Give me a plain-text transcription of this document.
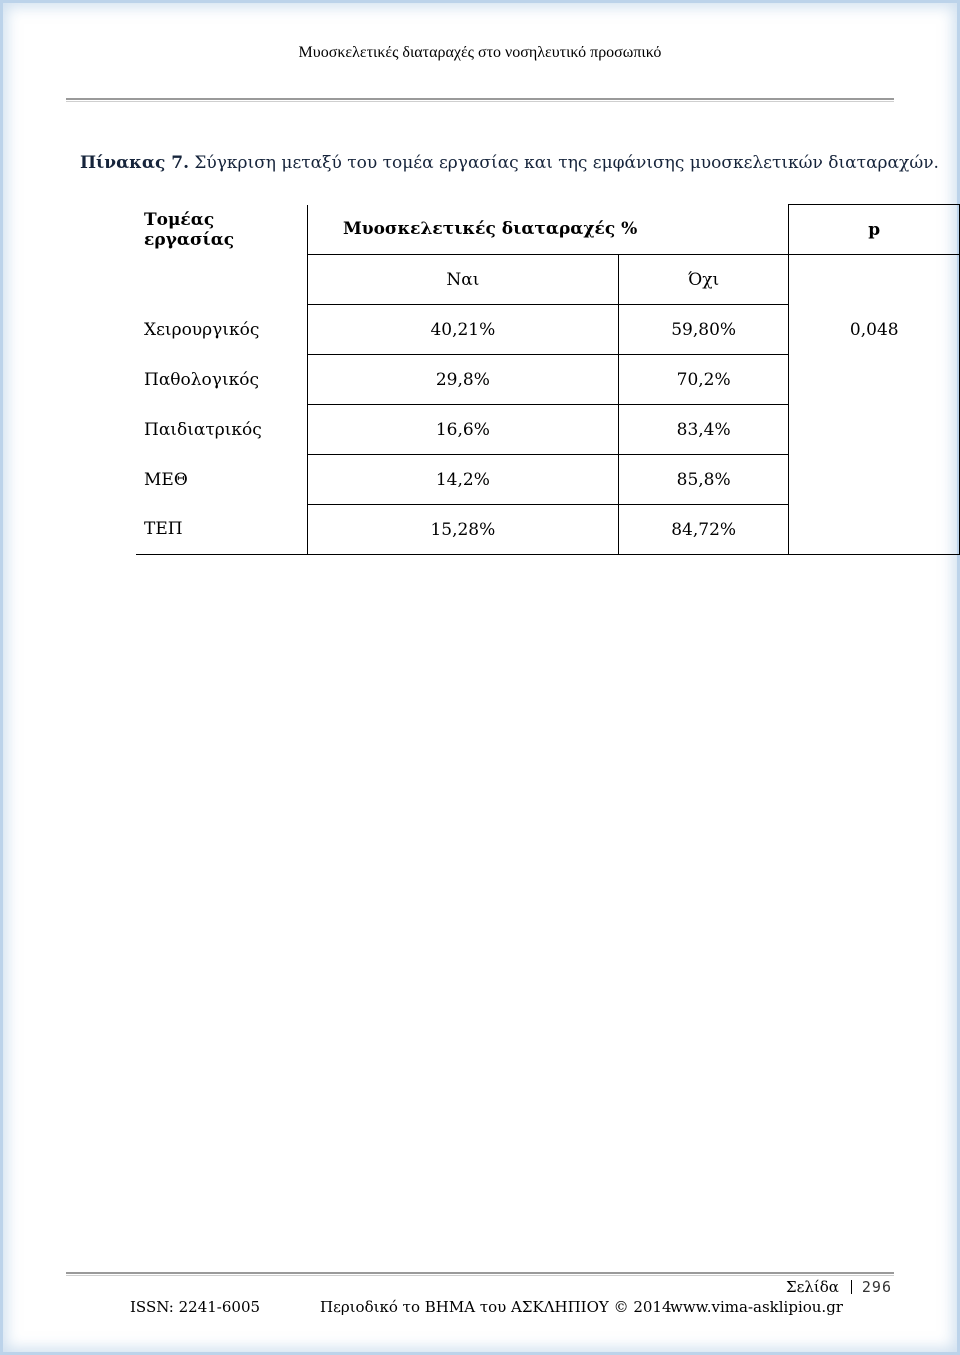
Μυοσκελετικές διαταραχές στο νοσηλευτικό προσωπικό
Πίνακας 7. Σύγκριση μεταξύ του τομέα εργασίας και της εμφάνισης μυοσκελετικών διαταραχών.
Τομέας εργασίας	Μυοσκελετικές διαταραχές %		p
	Ναι	Όχι	
Χειρουργικός	40,21%	59,80%	0,048
Παθολογικός	29,8%	70,2%	
Παιδιατρικός	16,6%	83,4%	
ΜΕΘ	14,2%	85,8%	
ΤΕΠ	15,28%	84,72%	
Σελίδα 296
ISSN: 2241-6005	Περιοδικό το ΒΗΜΑ του ΑΣΚΛΗΠΙΟΥ © 2014
www.vima-asklipiou.gr
